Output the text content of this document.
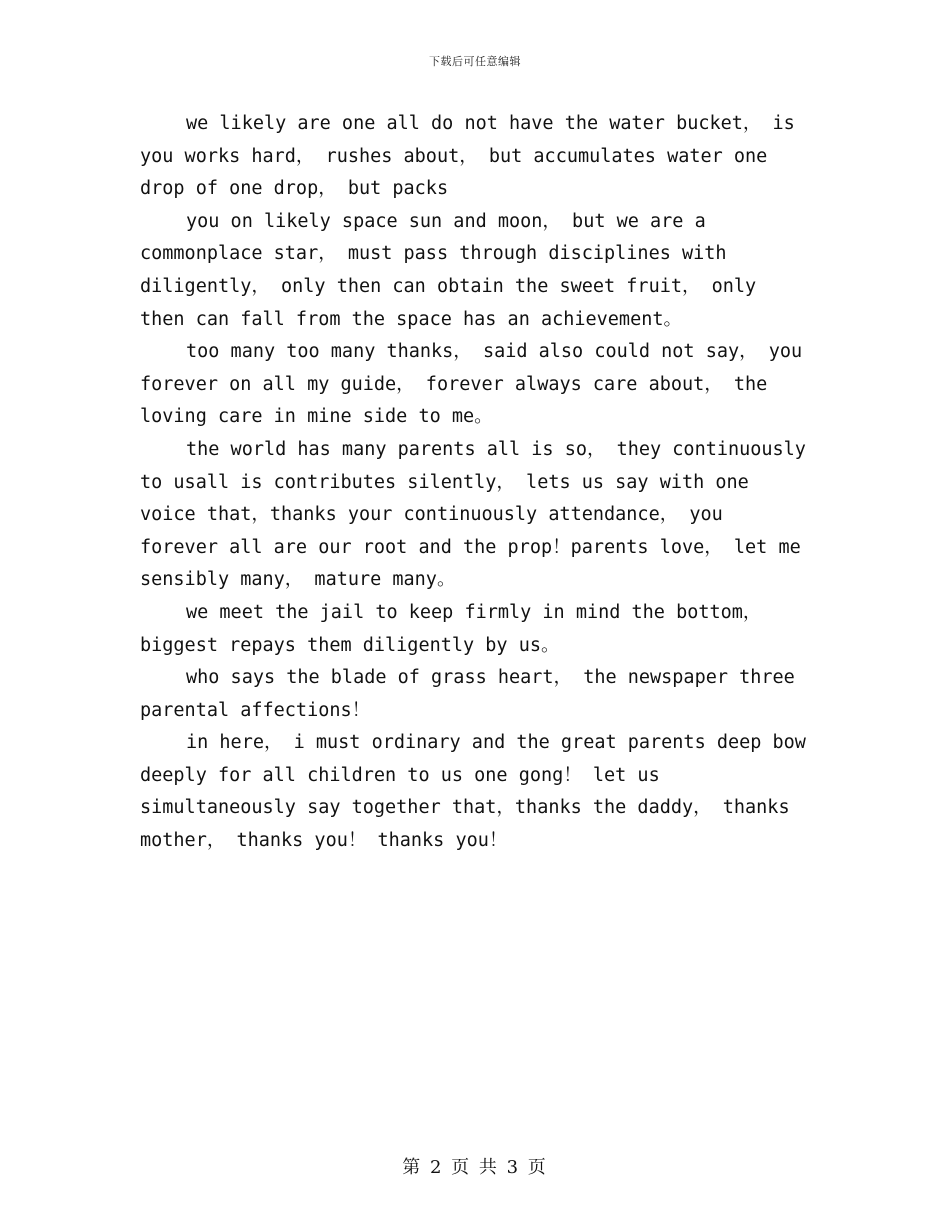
下载后可任意编辑

we likely are one all do not have the water bucket， is you works hard， rushes about， but accumulates water one drop of one drop， but packs

you on likely space sun and moon， but we are a commonplace star， must pass through disciplines with diligently， only then can obtain the sweet fruit， only then can fall from the space has an achievement。

too many too many thanks， said also could not say， you forever on all my guide， forever always care about， the loving care in mine side to me。

the world has many parents all is so， they continuously to usall is contributes silently， lets us say with one voice that，thanks your continuously attendance， you forever all are our root and the prop！parents love， let me sensibly many， mature many。

we meet the jail to keep firmly in mind the bottom， biggest repays them diligently by us。

who says the blade of grass heart， the newspaper three parental affections！

in here， i must ordinary and the great parents deep bow deeply for all children to us one gong！ let us simultaneously say together that，thanks the daddy， thanks mother， thanks you！ thanks you！

第 2 页 共 3 页
